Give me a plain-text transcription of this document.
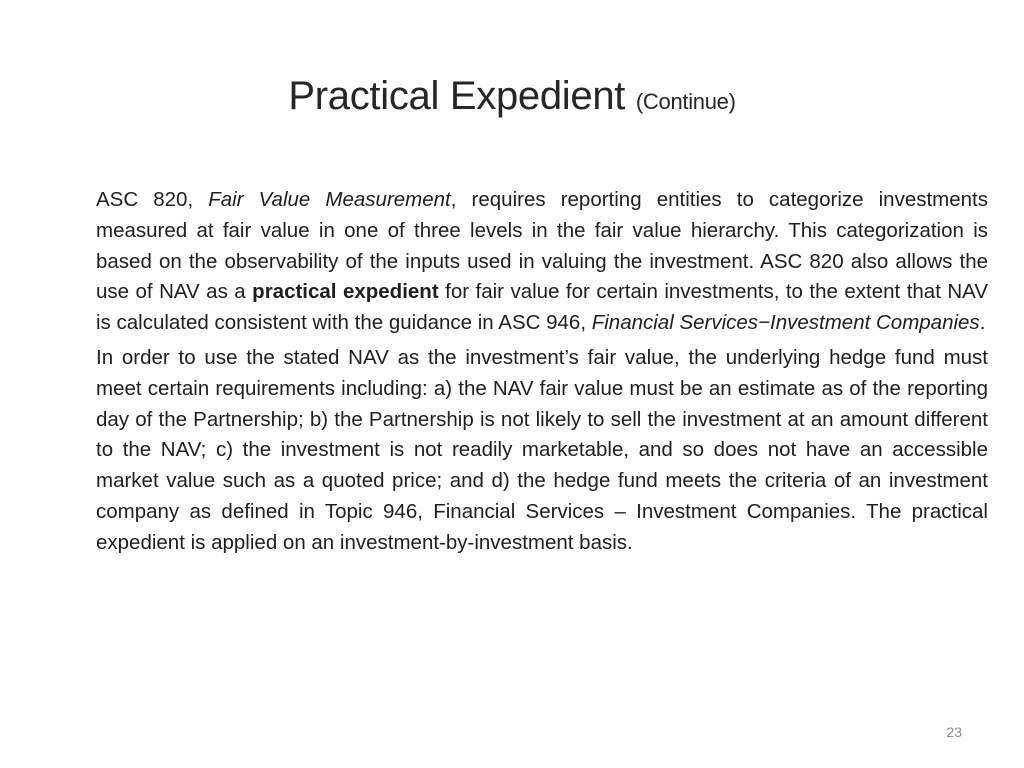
Practical Expedient (Continue)

ASC 820, Fair Value Measurement, requires reporting entities to categorize investments measured at fair value in one of three levels in the fair value hierarchy. This categorization is based on the observability of the inputs used in valuing the investment. ASC 820 also allows the use of NAV as a practical expedient for fair value for certain investments, to the extent that NAV is calculated consistent with the guidance in ASC 946, Financial Services−Investment Companies.

In order to use the stated NAV as the investment’s fair value, the underlying hedge fund must meet certain requirements including: a) the NAV fair value must be an estimate as of the reporting day of the Partnership; b) the Partnership is not likely to sell the investment at an amount different to the NAV; c) the investment is not readily marketable, and so does not have an accessible market value such as a quoted price; and d) the hedge fund meets the criteria of an investment company as defined in Topic 946, Financial Services – Investment Companies. The practical expedient is applied on an investment-by-investment basis.

23
